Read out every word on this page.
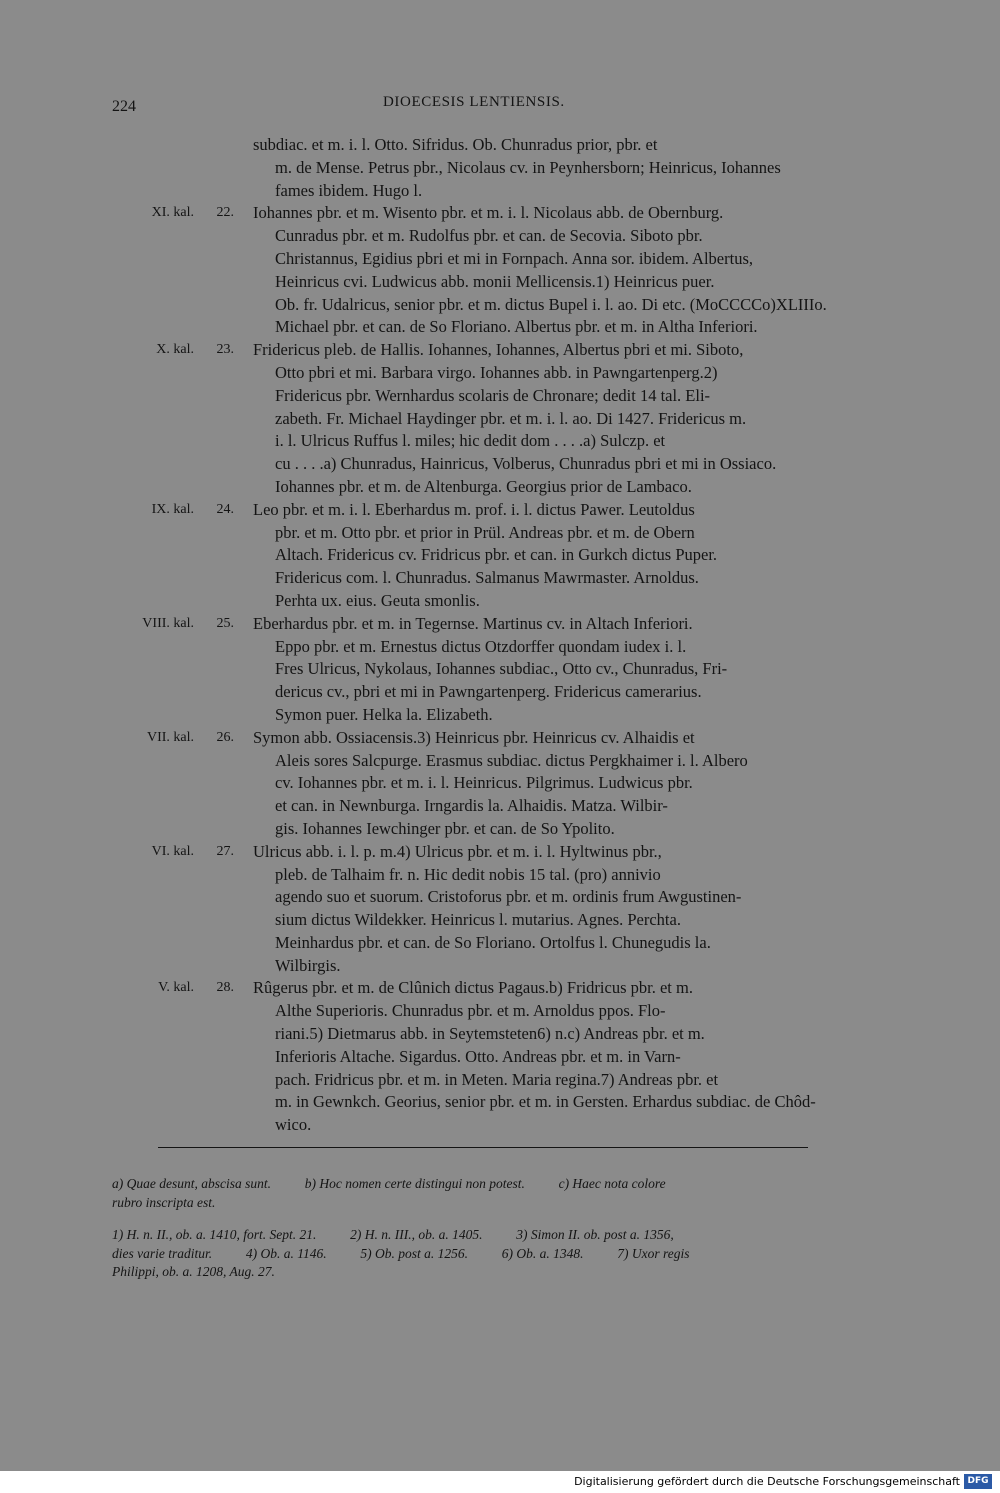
224	DIOECESIS LENTIENSIS.
subdiac. et m. i. l. Otto. Sifridus. Ob. Chunradus prior, pbr. et
m. de Mense. Petrus pbr., Nicolaus cv. in Peynhersborn; Heinricus, Iohannes
fames ibidem. Hugo l.
XI. kal.	22. Iohannes pbr. et m. Wisento pbr. et m. i. l. Nicolaus abb. de Obernburg.
Cunradus pbr. et m. Rudolfus pbr. et can. de Secovia. Siboto pbr.
Christannus, Egidius pbri et mi in Fornpach. Anna sor. ibidem. Albertus,
Heinricus cvi. Ludwicus abb. monii Mellicensis.1) Heinricus puer.
Ob. fr. Udalricus, senior pbr. et m. dictus Bupel i. l. ao. Di etc. (MoCCCCo)XLIIIo.
Michael pbr. et can. de So Floriano. Albertus pbr. et m. in Altha Inferiori.
X. kal.	23. Fridericus pleb. de Hallis. Iohannes, Iohannes, Albertus pbri et mi. Siboto,
Otto pbri et mi. Barbara virgo. Iohannes abb. in Pawngartenperg.2)
Fridericus pbr. Wernhardus scolaris de Chronare; dedit 14 tal. Eli-
zabeth. Fr. Michael Haydinger pbr. et m. i. l. ao. Di 1427. Fridericus m.
i. l. Ulricus Ruffus l. miles; hic dedit dom . . . .a) Sulczp. et
cu . . . .a) Chunradus, Hainricus, Volberus, Chunradus pbri et mi in Ossiaco.
Iohannes pbr. et m. de Altenburga. Georgius prior de Lambaco.
IX. kal.	24. Leo pbr. et m. i. l. Eberhardus m. prof. i. l. dictus Pawer. Leutoldus
pbr. et m. Otto pbr. et prior in Prül. Andreas pbr. et m. de Obern
Altach. Fridericus cv. Fridricus pbr. et can. in Gurkch dictus Puper.
Fridericus com. l. Chunradus. Salmanus Mawrmaster. Arnoldus.
Perhta ux. eius. Geuta smonlis.
VIII. kal.	25. Eberhardus pbr. et m. in Tegernse. Martinus cv. in Altach Inferiori.
Eppo pbr. et m. Ernestus dictus Otzdorffer quondam iudex i. l.
Fres Ulricus, Nykolaus, Iohannes subdiac., Otto cv., Chunradus, Fri-
dericus cv., pbri et mi in Pawngartenperg. Fridericus camerarius.
Symon puer. Helka la. Elizabeth.
VII. kal.	26. Symon abb. Ossiacensis.3) Heinricus pbr. Heinricus cv. Alhaidis et
Aleis sores Salcpurge. Erasmus subdiac. dictus Pergkhaimer i. l. Albero
cv. Iohannes pbr. et m. i. l. Heinricus. Pilgrimus. Ludwicus pbr.
et can. in Newnburga. Irngardis la. Alhaidis. Matza. Wilbir-
gis. Iohannes Iewchinger pbr. et can. de So Ypolito.
VI. kal.	27. Ulricus abb. i. l. p. m.4) Ulricus pbr. et m. i. l. Hyltwinus pbr.,
pleb. de Talhaim fr. n. Hic dedit nobis 15 tal. (pro) annivio
agendo suo et suorum. Cristoforus pbr. et m. ordinis frum Awgustinen-
sium dictus Wildekker. Heinricus l. mutarius. Agnes. Perchta.
Meinhardus pbr. et can. de So Floriano. Ortolfus l. Chunegudis la.
Wilbirgis.
V. kal.	28. Rûgerus pbr. et m. de Clûnich dictus Pagaus.b) Fridricus pbr. et m.
Althe Superioris. Chunradus pbr. et m. Arnoldus ppos. Flo-
riani.5) Dietmarus abb. in Seytemsteten6) n.c) Andreas pbr. et m.
Inferioris Altache. Sigardus. Otto. Andreas pbr. et m. in Varn-
pach. Fridricus pbr. et m. in Meten. Maria regina.7) Andreas pbr. et
m. in Gewnkch. Georius, senior pbr. et m. in Gersten. Erhardus subdiac. de Chôd-
wico.
a) Quae desunt, abscisa sunt.          b) Hoc nomen certe distingui non potest.          c) Haec nota colore
rubro inscripta est.
1) H. n. II., ob. a. 1410, fort. Sept. 21.          2) H. n. III., ob. a. 1405.          3) Simon II. ob. post a. 1356,
dies varie traditur.          4) Ob. a. 1146.          5) Ob. post a. 1256.          6) Ob. a. 1348.          7) Uxor regis
Philippi, ob. a. 1208, Aug. 27.
Digitalisierung gefördert durch die Deutsche Forschungsgemeinschaft DFG
